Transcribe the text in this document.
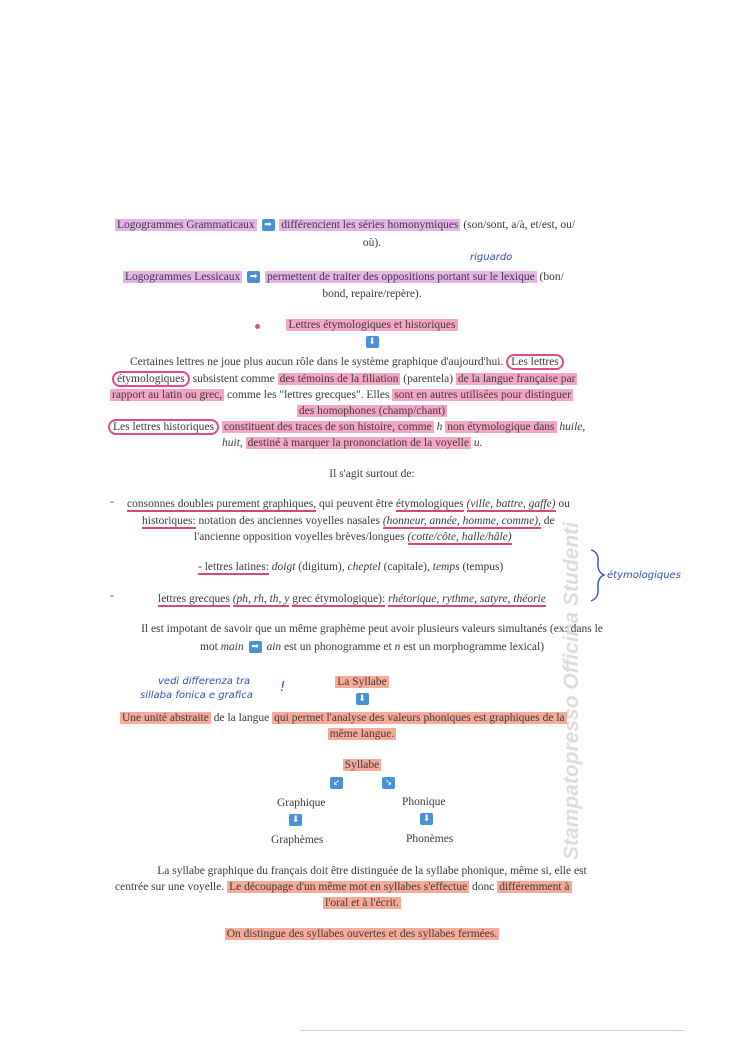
Logogrammes Grammaticaux ➡ différencient les séries homonymiques (son/sont, a/à, et/est, ou/
où).
riguardo
Logogrammes Lessicaux ➡ permettent de traiter des oppositions portant sur le lexique (bon/
bond, repaire/repère).
Lettres étymologiques et historiques
⬇
Certaines lettres ne joue plus aucun rôle dans le système graphique d'aujourd'hui. Les lettres
étymologiques subsistent comme des témoins de la filiation (parentela) de la langue française par
rapport au latin ou grec, comme les "lettres grecques". Elles sont en autres utilisées pour distinguer
des homophones (champ/chant)
Les lettres historiques constituent des traces de son histoire, comme h non étymologique dans huile,
huit, destiné à marquer la prononciation de la voyelle u.
Il s'agit surtout de:
- consonnes doubles purement graphiques, qui peuvent être étymologiques (ville, battre, gaffe) ou
historiques: notation des anciennes voyelles nasales (honneur, année, homme, comme), de
l'ancienne opposition voyelles brèves/longues (cotte/côte, halle/hâle)
- lettres latines: doigt (digitum), cheptel (capitale), temps (tempus)
-	lettres grecques (ph, rh, th, y grec étymologique): rhétorique, rythme, satyre, théorie
étymologiques
Il est impotant de savoir que un même graphème peut avoir plusieurs valeurs simultanés (ex: dans le
mot main ➡ ain est un phonogramme et n est un morphogramme lexical)
vedi differenza tra
sillaba fonica e grafica
!	La Syllabe
⬇
Une unité abstraite de la langue qui permet l'analyse des valeurs phoniques est graphiques de la
même langue.
Syllabe
↙	↘
Graphique	Phonique
⬇	⬇
Graphèmes	Phonèmes
La syllabe graphique du français doit être distinguée de la syllabe phonique, même si, elle est
centrée sur une voyelle. Le découpage d'un même mot en syllabes s'effectue donc différemment à
l'oral et à l'écrit.
On distingue des syllabes ouvertes et des syllabes fermées.
Stampatopresso Officina Studenti
